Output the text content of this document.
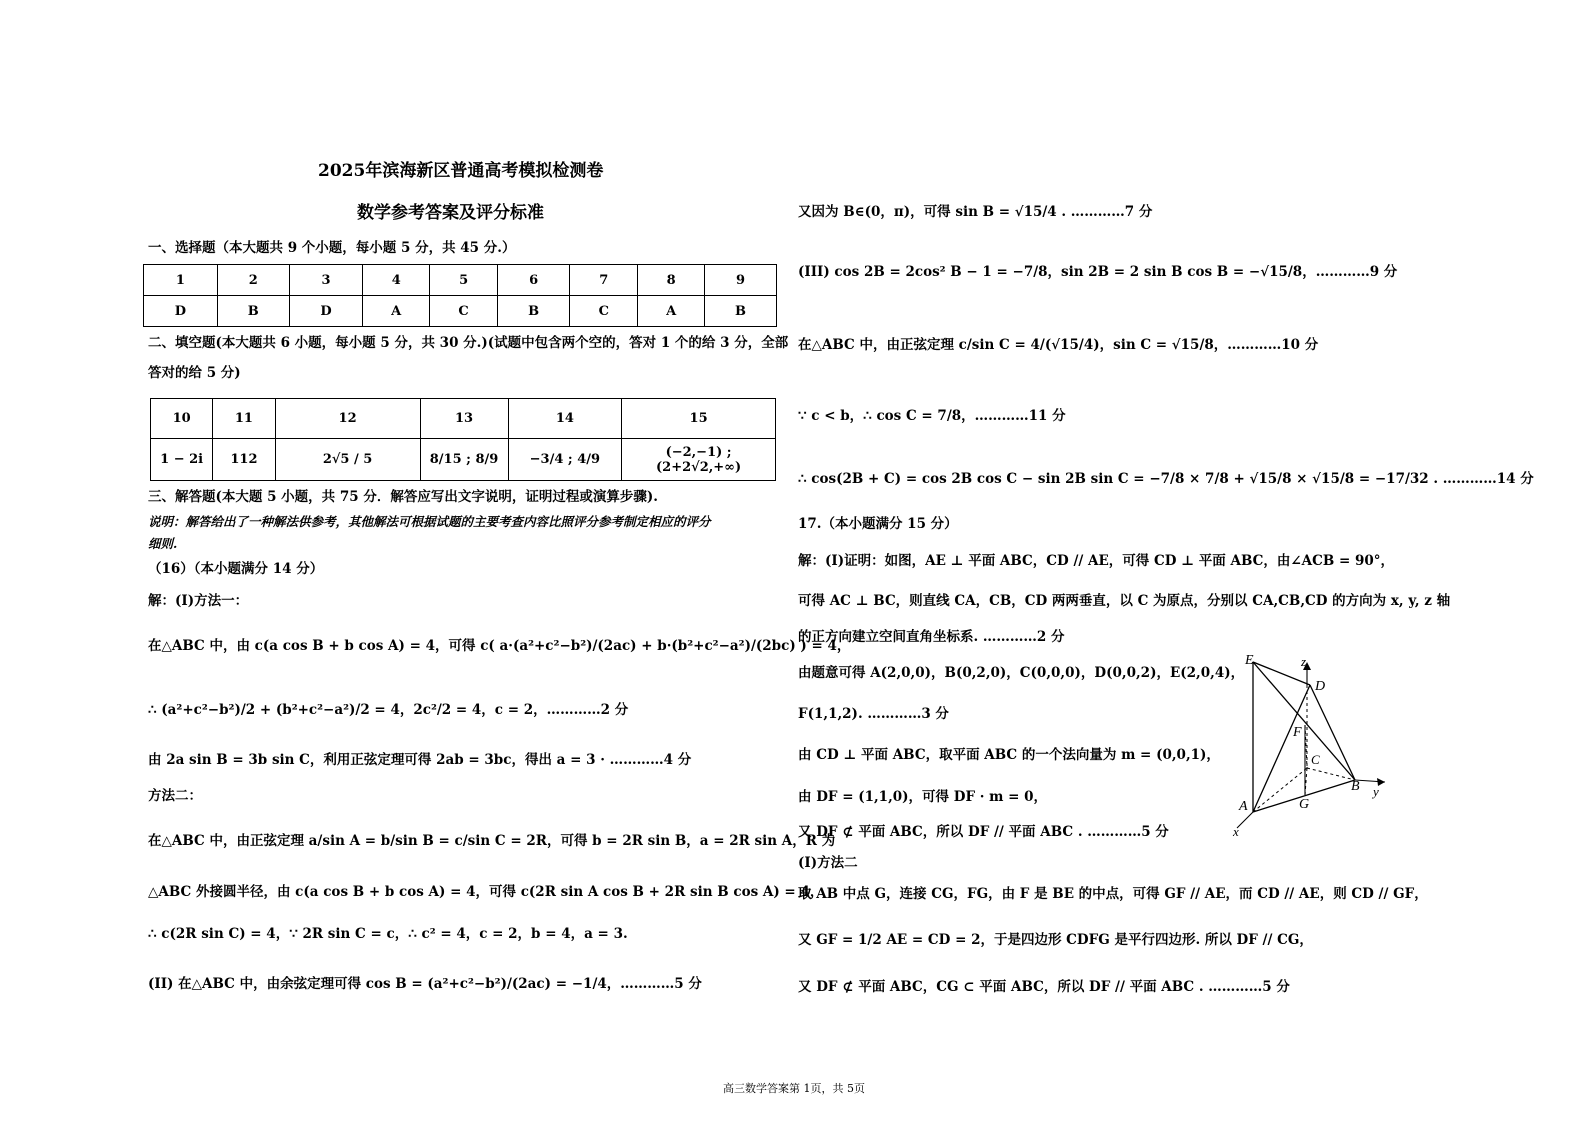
2025年滨海新区普通高考模拟检测卷
数学参考答案及评分标准
一、选择题（本大题共 9 个小题，每小题 5 分，共 45 分.）
1	2	3	4	5	6	7	8	9
D	B	D	A	C	B	C	A	B
二、填空题(本大题共 6 小题，每小题 5 分，共 30 分.)(试题中包含两个空的，答对 1 个的给 3 分，全部
答对的给 5 分)
10	11	12	13	14	15
1 − 2i	112	2√5 / 5	8/15 ; 8/9	−3/4 ; 4/9	(−2,−1) ; (2+2√2,+∞)
三、解答题(本大题 5 小题，共 75 分．解答应写出文字说明，证明过程或演算步骤).
说明：解答给出了一种解法供参考，其他解法可根据试题的主要考查内容比照评分参考制定相应的评分
细则.
（16）（本小题满分 14 分）
解：(I)方法一：
在△ABC 中，由 c(a cos B + b cos A) = 4，可得 c( a·(a²+c²−b²)/(2ac) + b·(b²+c²−a²)/(2bc) ) = 4，
∴ (a²+c²−b²)/2 + (b²+c²−a²)/2 = 4，2c²/2 = 4，c = 2，…………2 分
由 2a sin B = 3b sin C，利用正弦定理可得 2ab = 3bc，得出 a = 3 · …………4 分
方法二：
在△ABC 中，由正弦定理 a/sin A = b/sin B = c/sin C = 2R，可得 b = 2R sin B，a = 2R sin A，R 为
△ABC 外接圆半径，由 c(a cos B + b cos A) = 4，可得 c(2R sin A cos B + 2R sin B cos A) = 4，
∴ c(2R sin C) = 4，∵ 2R sin C = c，∴ c² = 4，c = 2，b = 4，a = 3.
(II) 在△ABC 中，由余弦定理可得 cos B = (a²+c²−b²)/(2ac) = −1/4，…………5 分
又因为 B∈(0，π)，可得 sin B = √15/4 . …………7 分
(III) cos 2B = 2cos² B − 1 = −7/8，sin 2B = 2 sin B cos B = −√15/8，…………9 分
在△ABC 中，由正弦定理 c/sin C = 4/(√15/4)，sin C = √15/8，…………10 分
∵ c < b，∴ cos C = 7/8，…………11 分
∴ cos(2B + C) = cos 2B cos C − sin 2B sin C = −7/8 × 7/8 + √15/8 × √15/8 = −17/32 . …………14 分
17.（本小题满分 15 分）
解：(I)证明：如图，AE ⊥ 平面 ABC，CD // AE，可得 CD ⊥ 平面 ABC，由∠ACB = 90°，
可得 AC ⊥ BC，则直线 CA，CB，CD 两两垂直，以 C 为原点，分别以 CA,CB,CD 的方向为 x, y, z 轴
的正方向建立空间直角坐标系. …………2 分
由题意可得 A(2,0,0)，B(0,2,0)，C(0,0,0)，D(0,0,2)，E(2,0,4)，
F(1,1,2). …………3 分
由 CD ⊥ 平面 ABC，取平面 ABC 的一个法向量为 m = (0,0,1)，
由 DF = (1,1,0)，可得 DF · m = 0，
又 DF ⊄ 平面 ABC，所以 DF // 平面 ABC . …………5 分
(I)方法二
取 AB 中点 G，连接 CG，FG，由 F 是 BE 的中点，可得 GF // AE，而 CD // AE，则 CD // GF，
又 GF = 1/2 AE = CD = 2，于是四边形 CDFG 是平行四边形. 所以 DF // CG，
又 DF ⊄ 平面 ABC，CG ⊂ 平面 ABC，所以 DF // 平面 ABC . …………5 分
E	z
D
F
C
A	G
B y
x
高三数学答案第 1页，共 5页
